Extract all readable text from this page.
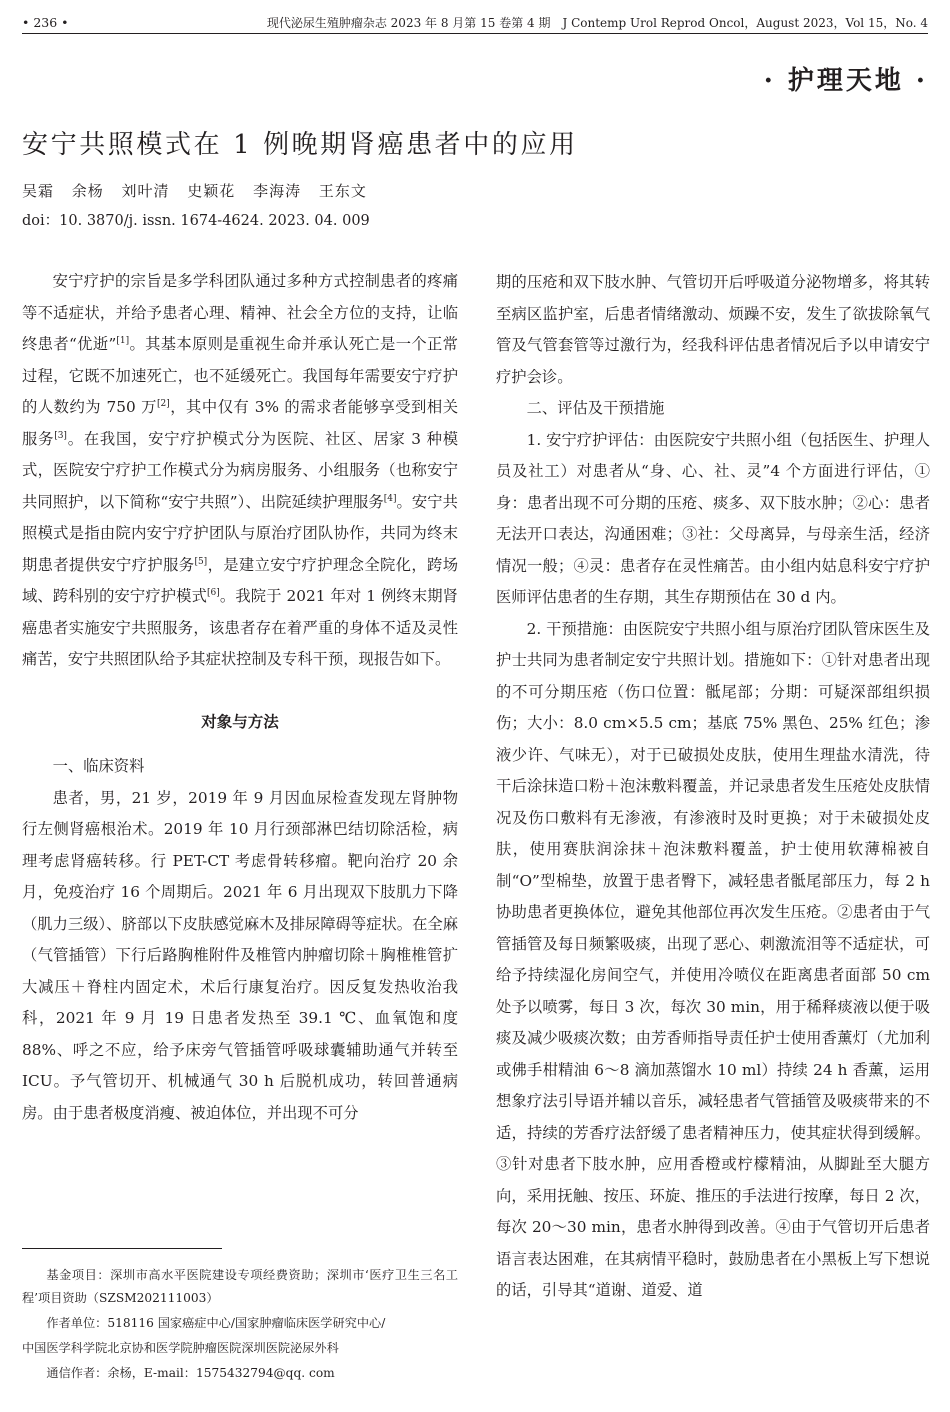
• 236 •	现代泌尿生殖肿瘤杂志 2023 年 8 月第 15 卷第 4 期　J Contemp Urol Reprod Oncol，August 2023，Vol 15，No. 4
· 护理天地 ·
安宁共照模式在 1 例晚期肾癌患者中的应用
吴霜 余杨 刘叶清 史颖花 李海涛 王东文
doi：10. 3870/j. issn. 1674-4624. 2023. 04. 009

安宁疗护的宗旨是多学科团队通过多种方式控制患者的疼痛等不适症状，并给予患者心理、精神、社会全方位的支持，让临终患者“优逝”[1]。其基本原则是重视生命并承认死亡是一个正常过程，它既不加速死亡，也不延缓死亡。我国每年需要安宁疗护的人数约为 750 万[2]，其中仅有 3% 的需求者能够享受到相关服务[3]。在我国，安宁疗护模式分为医院、社区、居家 3 种模式，医院安宁疗护工作模式分为病房服务、小组服务（也称安宁共同照护，以下简称“安宁共照”）、出院延续护理服务[4]。安宁共照模式是指由院内安宁疗护团队与原治疗团队协作，共同为终末期患者提供安宁疗护服务[5]，是建立安宁疗护理念全院化，跨场域、跨科别的安宁疗护模式[6]。我院于 2021 年对 1 例终末期肾癌患者实施安宁共照服务，该患者存在着严重的身体不适及灵性痛苦，安宁共照团队给予其症状控制及专科干预，现报告如下。

对象与方法

一、临床资料

患者，男，21 岁，2019 年 9 月因血尿检查发现左肾肿物行左侧肾癌根治术。2019 年 10 月行颈部淋巴结切除活检，病理考虑肾癌转移。行 PET-CT 考虑骨转移瘤。靶向治疗 20 余月，免疫治疗 16 个周期后。2021 年 6 月出现双下肢肌力下降（肌力三级）、脐部以下皮肤感觉麻木及排尿障碍等症状。在全麻（气管插管）下行后路胸椎附件及椎管内肿瘤切除＋胸椎椎管扩大减压＋脊柱内固定术，术后行康复治疗。因反复发热收治我科，2021 年 9 月 19 日患者发热至 39.1 ℃、血氧饱和度 88%、呼之不应，给予床旁气管插管呼吸球囊辅助通气并转至 ICU。予气管切开、机械通气 30 h 后脱机成功，转回普通病房。由于患者极度消瘦、被迫体位，并出现不可分

期的压疮和双下肢水肿、气管切开后呼吸道分泌物增多，将其转至病区监护室，后患者情绪激动、烦躁不安，发生了欲拔除氧气管及气管套管等过激行为，经我科评估患者情况后予以申请安宁疗护会诊。

二、评估及干预措施

1. 安宁疗护评估：由医院安宁共照小组（包括医生、护理人员及社工）对患者从“身、心、社、灵”4 个方面进行评估，①身：患者出现不可分期的压疮、痰多、双下肢水肿；②心：患者无法开口表达，沟通困难；③社：父母离异，与母亲生活，经济情况一般；④灵：患者存在灵性痛苦。由小组内姑息科安宁疗护医师评估患者的生存期，其生存期预估在 30 d 内。

2. 干预措施：由医院安宁共照小组与原治疗团队管床医生及护士共同为患者制定安宁共照计划。措施如下：①针对患者出现的不可分期压疮（伤口位置：骶尾部；分期：可疑深部组织损伤；大小：8.0 cm×5.5 cm；基底 75% 黑色、25% 红色；渗液少许、气味无），对于已破损处皮肤，使用生理盐水清洗，待干后涂抹造口粉＋泡沫敷料覆盖，并记录患者发生压疮处皮肤情况及伤口敷料有无渗液，有渗液时及时更换；对于未破损处皮肤，使用赛肤润涂抹＋泡沫敷料覆盖，护士使用软薄棉被自制“O”型棉垫，放置于患者臀下，减轻患者骶尾部压力，每 2 h 协助患者更换体位，避免其他部位再次发生压疮。②患者由于气管插管及每日频繁吸痰，出现了恶心、刺激流泪等不适症状，可给予持续湿化房间空气，并使用冷喷仪在距离患者面部 50 cm 处予以喷雾，每日 3 次，每次 30 min，用于稀释痰液以便于吸痰及减少吸痰次数；由芳香师指导责任护士使用香薰灯（尤加利或佛手柑精油 6～8 滴加蒸馏水 10 ml）持续 24 h 香薰，运用想象疗法引导语并辅以音乐，减轻患者气管插管及吸痰带来的不适，持续的芳香疗法舒缓了患者精神压力，使其症状得到缓解。③针对患者下肢水肿，应用香橙或柠檬精油，从脚趾至大腿方向，采用抚触、按压、环旋、推压的手法进行按摩，每日 2 次，每次 20～30 min，患者水肿得到改善。④由于气管切开后患者语言表达困难，在其病情平稳时，鼓励患者在小黑板上写下想说的话，引导其“道谢、道爱、道

基金项目：深圳市高水平医院建设专项经费资助；深圳市‘医疗卫生三名工程’项目资助（SZSM202111003）

作者单位：518116 国家癌症中心/国家肿瘤临床医学研究中心/

中国医学科学院北京协和医学院肿瘤医院深圳医院泌尿外科

通信作者：余杨，E-mail：1575432794@qq. com
